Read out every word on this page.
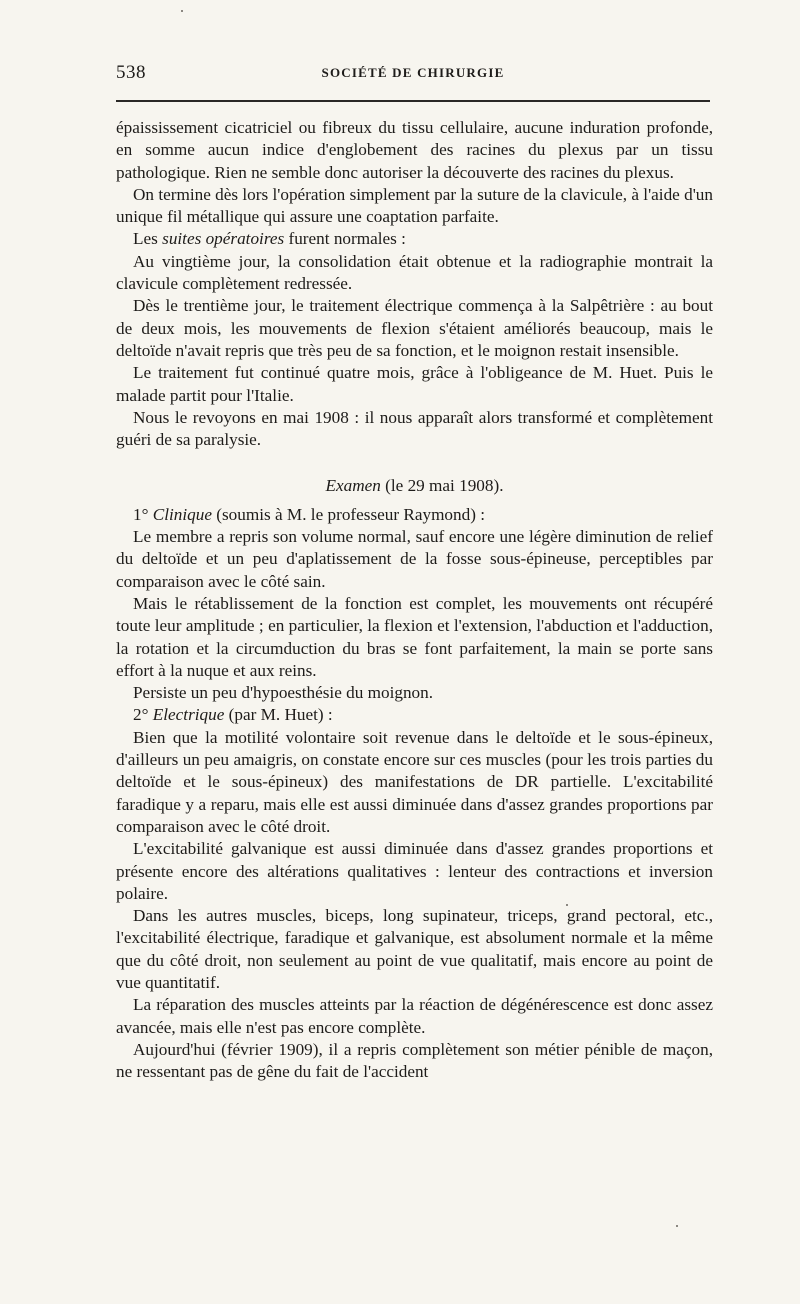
538	SOCIÉTÉ DE CHIRURGIE

épaississement cicatriciel ou fibreux du tissu cellulaire, aucune induration profonde, en somme aucun indice d'englobement des racines du plexus par un tissu pathologique. Rien ne semble donc autoriser la découverte des racines du plexus.

On termine dès lors l'opération simplement par la suture de la clavicule, à l'aide d'un unique fil métallique qui assure une coaptation parfaite.

Les suites opératoires furent normales :

Au vingtième jour, la consolidation était obtenue et la radiographie montrait la clavicule complètement redressée.

Dès le trentième jour, le traitement électrique commença à la Salpêtrière : au bout de deux mois, les mouvements de flexion s'étaient améliorés beaucoup, mais le deltoïde n'avait repris que très peu de sa fonction, et le moignon restait insensible.

Le traitement fut continué quatre mois, grâce à l'obligeance de M. Huet. Puis le malade partit pour l'Italie.

Nous le revoyons en mai 1908 : il nous apparaît alors transformé et complètement guéri de sa paralysie.

Examen (le 29 mai 1908).

1° Clinique (soumis à M. le professeur Raymond) :

Le membre a repris son volume normal, sauf encore une légère diminution de relief du deltoïde et un peu d'aplatissement de la fosse sous-épineuse, perceptibles par comparaison avec le côté sain.

Mais le rétablissement de la fonction est complet, les mouvements ont récupéré toute leur amplitude ; en particulier, la flexion et l'extension, l'abduction et l'adduction, la rotation et la circumduction du bras se font parfaitement, la main se porte sans effort à la nuque et aux reins.

Persiste un peu d'hypoesthésie du moignon.

2° Electrique (par M. Huet) :

Bien que la motilité volontaire soit revenue dans le deltoïde et le sous-épineux, d'ailleurs un peu amaigris, on constate encore sur ces muscles (pour les trois parties du deltoïde et le sous-épineux) des manifestations de DR partielle. L'excitabilité faradique y a reparu, mais elle est aussi diminuée dans d'assez grandes proportions par comparaison avec le côté droit.

L'excitabilité galvanique est aussi diminuée dans d'assez grandes proportions et présente encore des altérations qualitatives : lenteur des contractions et inversion polaire.

Dans les autres muscles, biceps, long supinateur, triceps, grand pectoral, etc., l'excitabilité électrique, faradique et galvanique, est absolument normale et la même que du côté droit, non seulement au point de vue qualitatif, mais encore au point de vue quantitatif.

La réparation des muscles atteints par la réaction de dégénérescence est donc assez avancée, mais elle n'est pas encore complète.

Aujourd'hui (février 1909), il a repris complètement son métier pénible de maçon, ne ressentant pas de gêne du fait de l'accident
